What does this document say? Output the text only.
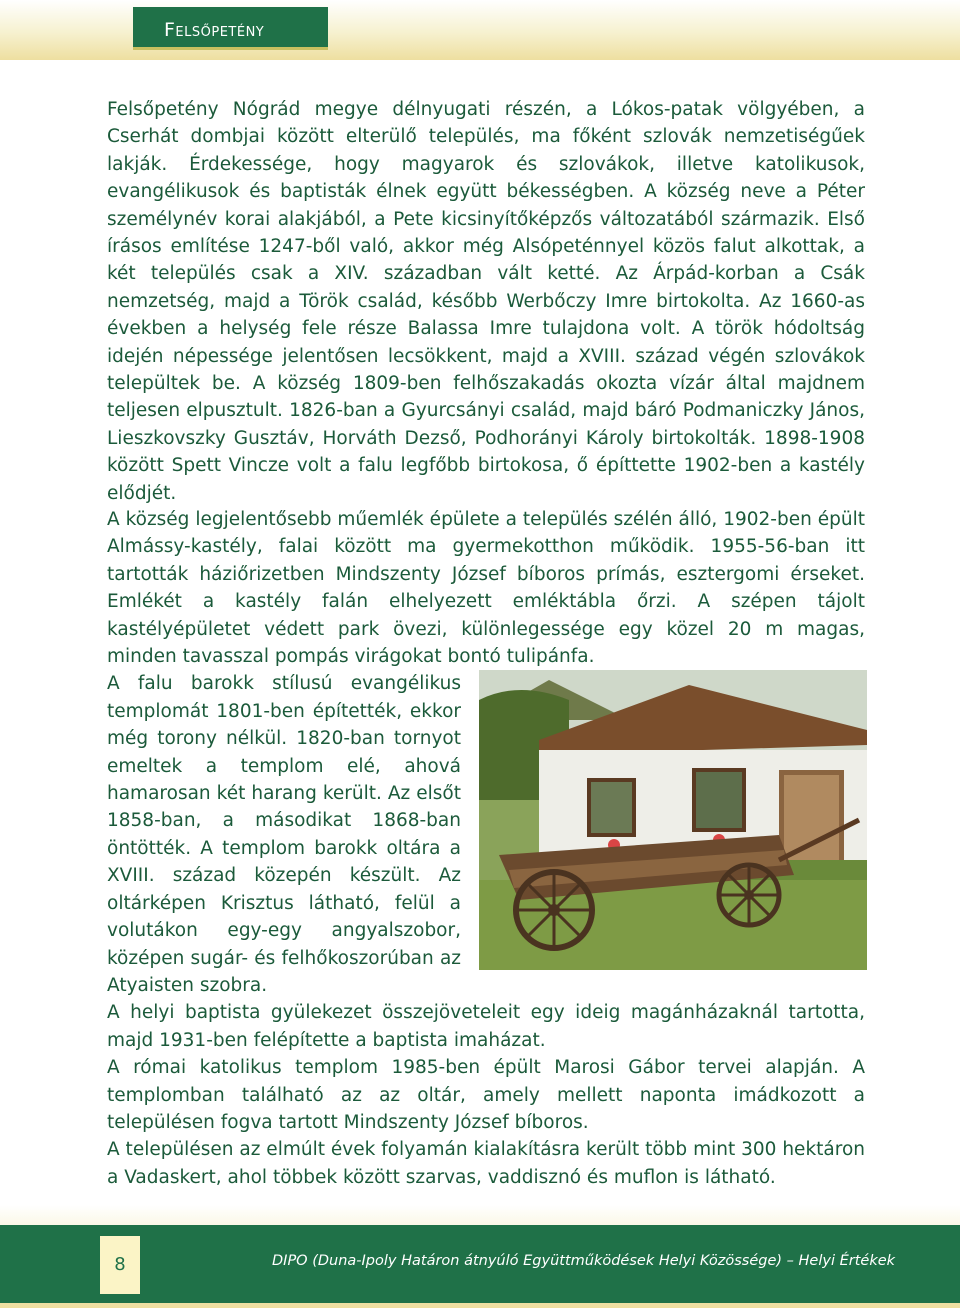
Felsőpetény

Felsőpetény Nógrád megye délnyugati részén, a Lókos-patak völgyében, a Cserhát dombjai között elterülő település, ma főként szlovák nemzetiségűek lakják. Érdekessége, hogy magyarok és szlovákok, illetve katolikusok, evangélikusok és baptisták élnek együtt békességben. A község neve a Péter személynév korai alakjából, a Pete kicsinyítőképzős változatából származik. Első írásos említése 1247-ből való, akkor még Alsópeténnyel közös falut alkottak, a két település csak a XIV. században vált ketté. Az Árpád-korban a Csák nemzetség, majd a Török család, később Werbőczy Imre birtokolta. Az 1660-as években a helység fele része Balassa Imre tulajdona volt. A török hódoltság idején népessége jelentősen lecsökkent, majd a XVIII. század végén szlovákok települtek be. A község 1809-ben felhőszakadás okozta vízár által majdnem teljesen elpusztult. 1826-ban a Gyurcsányi család, majd báró Podmaniczky János, Lieszkovszky Gusztáv, Horváth Dezső, Podhorányi Károly birtokolták. 1898-1908 között Spett Vincze volt a falu legfőbb birtokosa, ő építtette 1902-ben a kastély elődjét.

A község legjelentősebb műemlék épülete a település szélén álló, 1902-ben épült Almássy-kastély, falai között ma gyermekotthon működik. 1955-56-ban itt tartották háziőrizetben Mindszenty József bíboros prímás, esztergomi érseket. Emlékét a kastély falán elhelyezett emléktábla őrzi. A szépen tájolt kastélyépületet védett park övezi, különlegessége egy közel 20 m magas, minden tavasszal pompás virágokat bontó tulipánfa.

A falu barokk stílusú evangélikus templomát 1801-ben építették, ekkor még torony nélkül. 1820-ban tornyot emeltek a templom elé, ahová hamarosan két harang került. Az elsőt 1858-ban, a másodikat 1868-ban öntötték. A templom barokk oltára a XVIII. század közepén készült. Az oltárképen Krisztus látható, felül a volutákon egy-egy angyalszobor, középen sugár- és felhőkoszorúban az Atyaisten szobra.

A helyi baptista gyülekezet összejöveteleit egy ideig magánházaknál tartotta, majd 1931-ben felépítette a baptista imaházat.

A római katolikus templom 1985-ben épült Marosi Gábor tervei alapján. A templomban található az az oltár, amely mellett naponta imádkozott a településen fogva tartott Mindszenty József bíboros.

A településen az elmúlt évek folyamán kialakításra került több mint 300 hektáron a Vadaskert, ahol többek között szarvas, vaddisznó és muflon is látható.

8	DIPO (Duna-Ipoly Határon átnyúló Együttműködések Helyi Közössége) – Helyi Értékek
